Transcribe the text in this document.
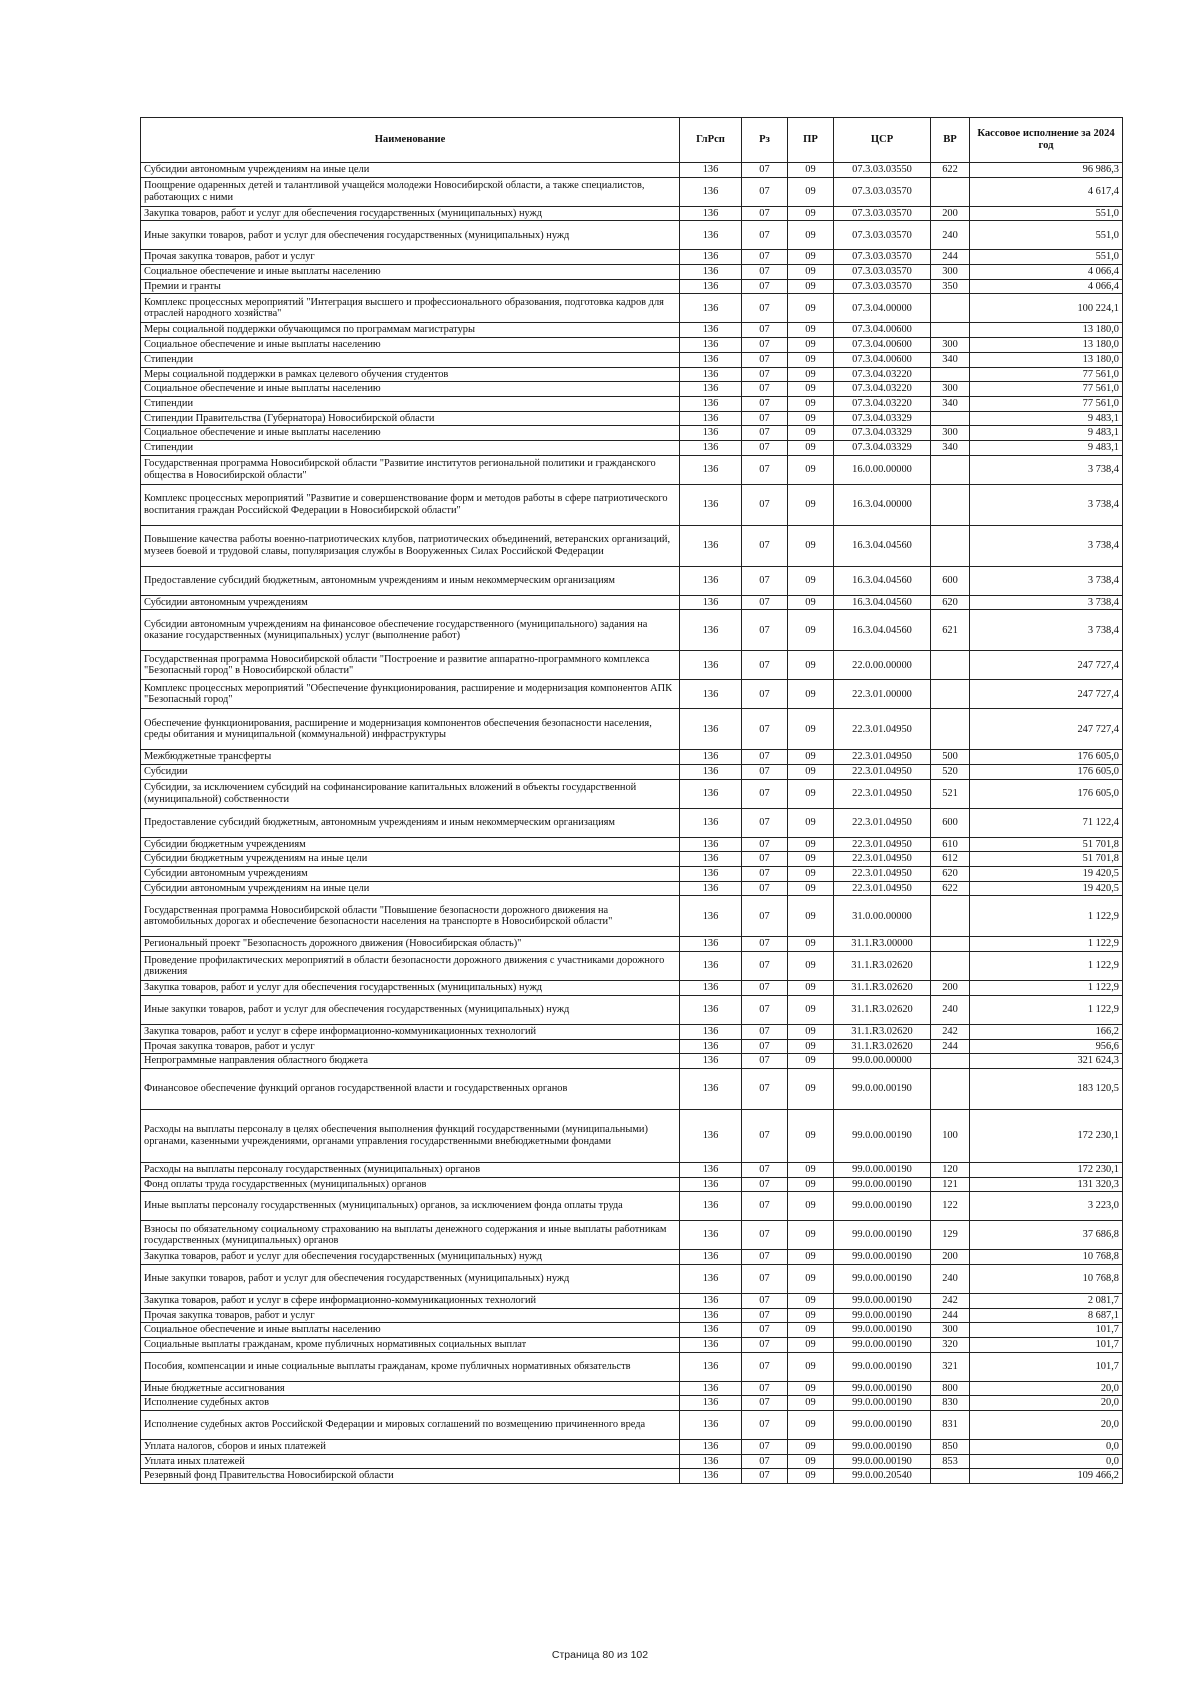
Наименование	ГлРсп	Рз	ПР	ЦСР	ВР	Кассовое исполнение за 2024 год
Субсидии автономным учреждениям на иные цели	136	07	09	07.3.03.03550	622	96 986,3
Поощрение одаренных детей и талантливой учащейся молодежи Новосибирской области, а также специалистов, работающих с ними	136	07	09	07.3.03.03570		4 617,4
Закупка товаров, работ и услуг для обеспечения государственных (муниципальных) нужд	136	07	09	07.3.03.03570	200	551,0
Иные закупки товаров, работ и услуг для обеспечения государственных (муниципальных) нужд	136	07	09	07.3.03.03570	240	551,0
Прочая закупка товаров, работ и услуг	136	07	09	07.3.03.03570	244	551,0
Социальное обеспечение и иные выплаты населению	136	07	09	07.3.03.03570	300	4 066,4
Премии и гранты	136	07	09	07.3.03.03570	350	4 066,4
Комплекс процессных мероприятий "Интеграция высшего и профессионального образования, подготовка кадров для отраслей народного хозяйства"	136	07	09	07.3.04.00000		100 224,1
Меры социальной поддержки обучающимся по программам магистратуры	136	07	09	07.3.04.00600		13 180,0
Социальное обеспечение и иные выплаты населению	136	07	09	07.3.04.00600	300	13 180,0
Стипендии	136	07	09	07.3.04.00600	340	13 180,0
Меры социальной поддержки в рамках целевого обучения студентов	136	07	09	07.3.04.03220		77 561,0
Социальное обеспечение и иные выплаты населению	136	07	09	07.3.04.03220	300	77 561,0
Стипендии	136	07	09	07.3.04.03220	340	77 561,0
Стипендии Правительства (Губернатора) Новосибирской области	136	07	09	07.3.04.03329		9 483,1
Социальное обеспечение и иные выплаты населению	136	07	09	07.3.04.03329	300	9 483,1
Стипендии	136	07	09	07.3.04.03329	340	9 483,1
Государственная программа Новосибирской области "Развитие институтов региональной политики и гражданского общества в Новосибирской области"	136	07	09	16.0.00.00000		3 738,4
Комплекс процессных мероприятий "Развитие и совершенствование форм и методов работы в сфере патриотического воспитания граждан Российской Федерации в Новосибирской области"	136	07	09	16.3.04.00000		3 738,4
Повышение качества работы военно-патриотических клубов, патриотических объединений, ветеранских организаций, музеев боевой и трудовой славы, популяризация службы в Вооруженных Силах Российской Федерации	136	07	09	16.3.04.04560		3 738,4
Предоставление субсидий бюджетным, автономным учреждениям и иным некоммерческим организациям	136	07	09	16.3.04.04560	600	3 738,4
Субсидии автономным учреждениям	136	07	09	16.3.04.04560	620	3 738,4
Субсидии автономным учреждениям на финансовое обеспечение государственного (муниципального) задания на оказание государственных (муниципальных) услуг (выполнение работ)	136	07	09	16.3.04.04560	621	3 738,4
Государственная программа Новосибирской области "Построение и развитие аппаратно-программного комплекса "Безопасный город" в Новосибирской области"	136	07	09	22.0.00.00000		247 727,4
Комплекс процессных мероприятий "Обеспечение функционирования, расширение и модернизация компонентов АПК "Безопасный город"	136	07	09	22.3.01.00000		247 727,4
Обеспечение функционирования, расширение и модернизация компонентов обеспечения безопасности населения, среды обитания и муниципальной (коммунальной) инфраструктуры	136	07	09	22.3.01.04950		247 727,4
Межбюджетные трансферты	136	07	09	22.3.01.04950	500	176 605,0
Субсидии	136	07	09	22.3.01.04950	520	176 605,0
Субсидии, за исключением субсидий на софинансирование капитальных вложений в объекты государственной (муниципальной) собственности	136	07	09	22.3.01.04950	521	176 605,0
Предоставление субсидий бюджетным, автономным учреждениям и иным некоммерческим организациям	136	07	09	22.3.01.04950	600	71 122,4
Субсидии бюджетным учреждениям	136	07	09	22.3.01.04950	610	51 701,8
Субсидии бюджетным учреждениям на иные цели	136	07	09	22.3.01.04950	612	51 701,8
Субсидии автономным учреждениям	136	07	09	22.3.01.04950	620	19 420,5
Субсидии автономным учреждениям на иные цели	136	07	09	22.3.01.04950	622	19 420,5
Государственная программа Новосибирской области "Повышение безопасности дорожного движения на автомобильных дорогах и обеспечение безопасности населения на транспорте в Новосибирской области"	136	07	09	31.0.00.00000		1 122,9
Региональный проект "Безопасность дорожного движения (Новосибирская область)"	136	07	09	31.1.R3.00000		1 122,9
Проведение профилактических мероприятий в области безопасности дорожного движения с участниками дорожного движения	136	07	09	31.1.R3.02620		1 122,9
Закупка товаров, работ и услуг для обеспечения государственных (муниципальных) нужд	136	07	09	31.1.R3.02620	200	1 122,9
Иные закупки товаров, работ и услуг для обеспечения государственных (муниципальных) нужд	136	07	09	31.1.R3.02620	240	1 122,9
Закупка товаров, работ и услуг в сфере информационно-коммуникационных технологий	136	07	09	31.1.R3.02620	242	166,2
Прочая закупка товаров, работ и услуг	136	07	09	31.1.R3.02620	244	956,6
Непрограммные направления областного бюджета	136	07	09	99.0.00.00000		321 624,3
Финансовое обеспечение функций органов государственной власти и государственных органов	136	07	09	99.0.00.00190		183 120,5
Расходы на выплаты персоналу в целях обеспечения выполнения функций государственными (муниципальными) органами, казенными учреждениями, органами управления государственными внебюджетными фондами	136	07	09	99.0.00.00190	100	172 230,1
Расходы на выплаты персоналу государственных (муниципальных) органов	136	07	09	99.0.00.00190	120	172 230,1
Фонд оплаты труда государственных (муниципальных) органов	136	07	09	99.0.00.00190	121	131 320,3
Иные выплаты персоналу государственных (муниципальных) органов, за исключением фонда оплаты труда	136	07	09	99.0.00.00190	122	3 223,0
Взносы по обязательному социальному страхованию на выплаты денежного содержания и иные выплаты работникам государственных (муниципальных) органов	136	07	09	99.0.00.00190	129	37 686,8
Закупка товаров, работ и услуг для обеспечения государственных (муниципальных) нужд	136	07	09	99.0.00.00190	200	10 768,8
Иные закупки товаров, работ и услуг для обеспечения государственных (муниципальных) нужд	136	07	09	99.0.00.00190	240	10 768,8
Закупка товаров, работ и услуг в сфере информационно-коммуникационных технологий	136	07	09	99.0.00.00190	242	2 081,7
Прочая закупка товаров, работ и услуг	136	07	09	99.0.00.00190	244	8 687,1
Социальное обеспечение и иные выплаты населению	136	07	09	99.0.00.00190	300	101,7
Социальные выплаты гражданам, кроме публичных нормативных социальных выплат	136	07	09	99.0.00.00190	320	101,7
Пособия, компенсации и иные социальные выплаты гражданам, кроме публичных нормативных обязательств	136	07	09	99.0.00.00190	321	101,7
Иные бюджетные ассигнования	136	07	09	99.0.00.00190	800	20,0
Исполнение судебных актов	136	07	09	99.0.00.00190	830	20,0
Исполнение судебных актов Российской Федерации и мировых соглашений по возмещению причиненного вреда	136	07	09	99.0.00.00190	831	20,0
Уплата налогов, сборов и иных платежей	136	07	09	99.0.00.00190	850	0,0
Уплата иных платежей	136	07	09	99.0.00.00190	853	0,0
Резервный фонд Правительства Новосибирской области	136	07	09	99.0.00.20540		109 466,2
Страница 80 из 102
